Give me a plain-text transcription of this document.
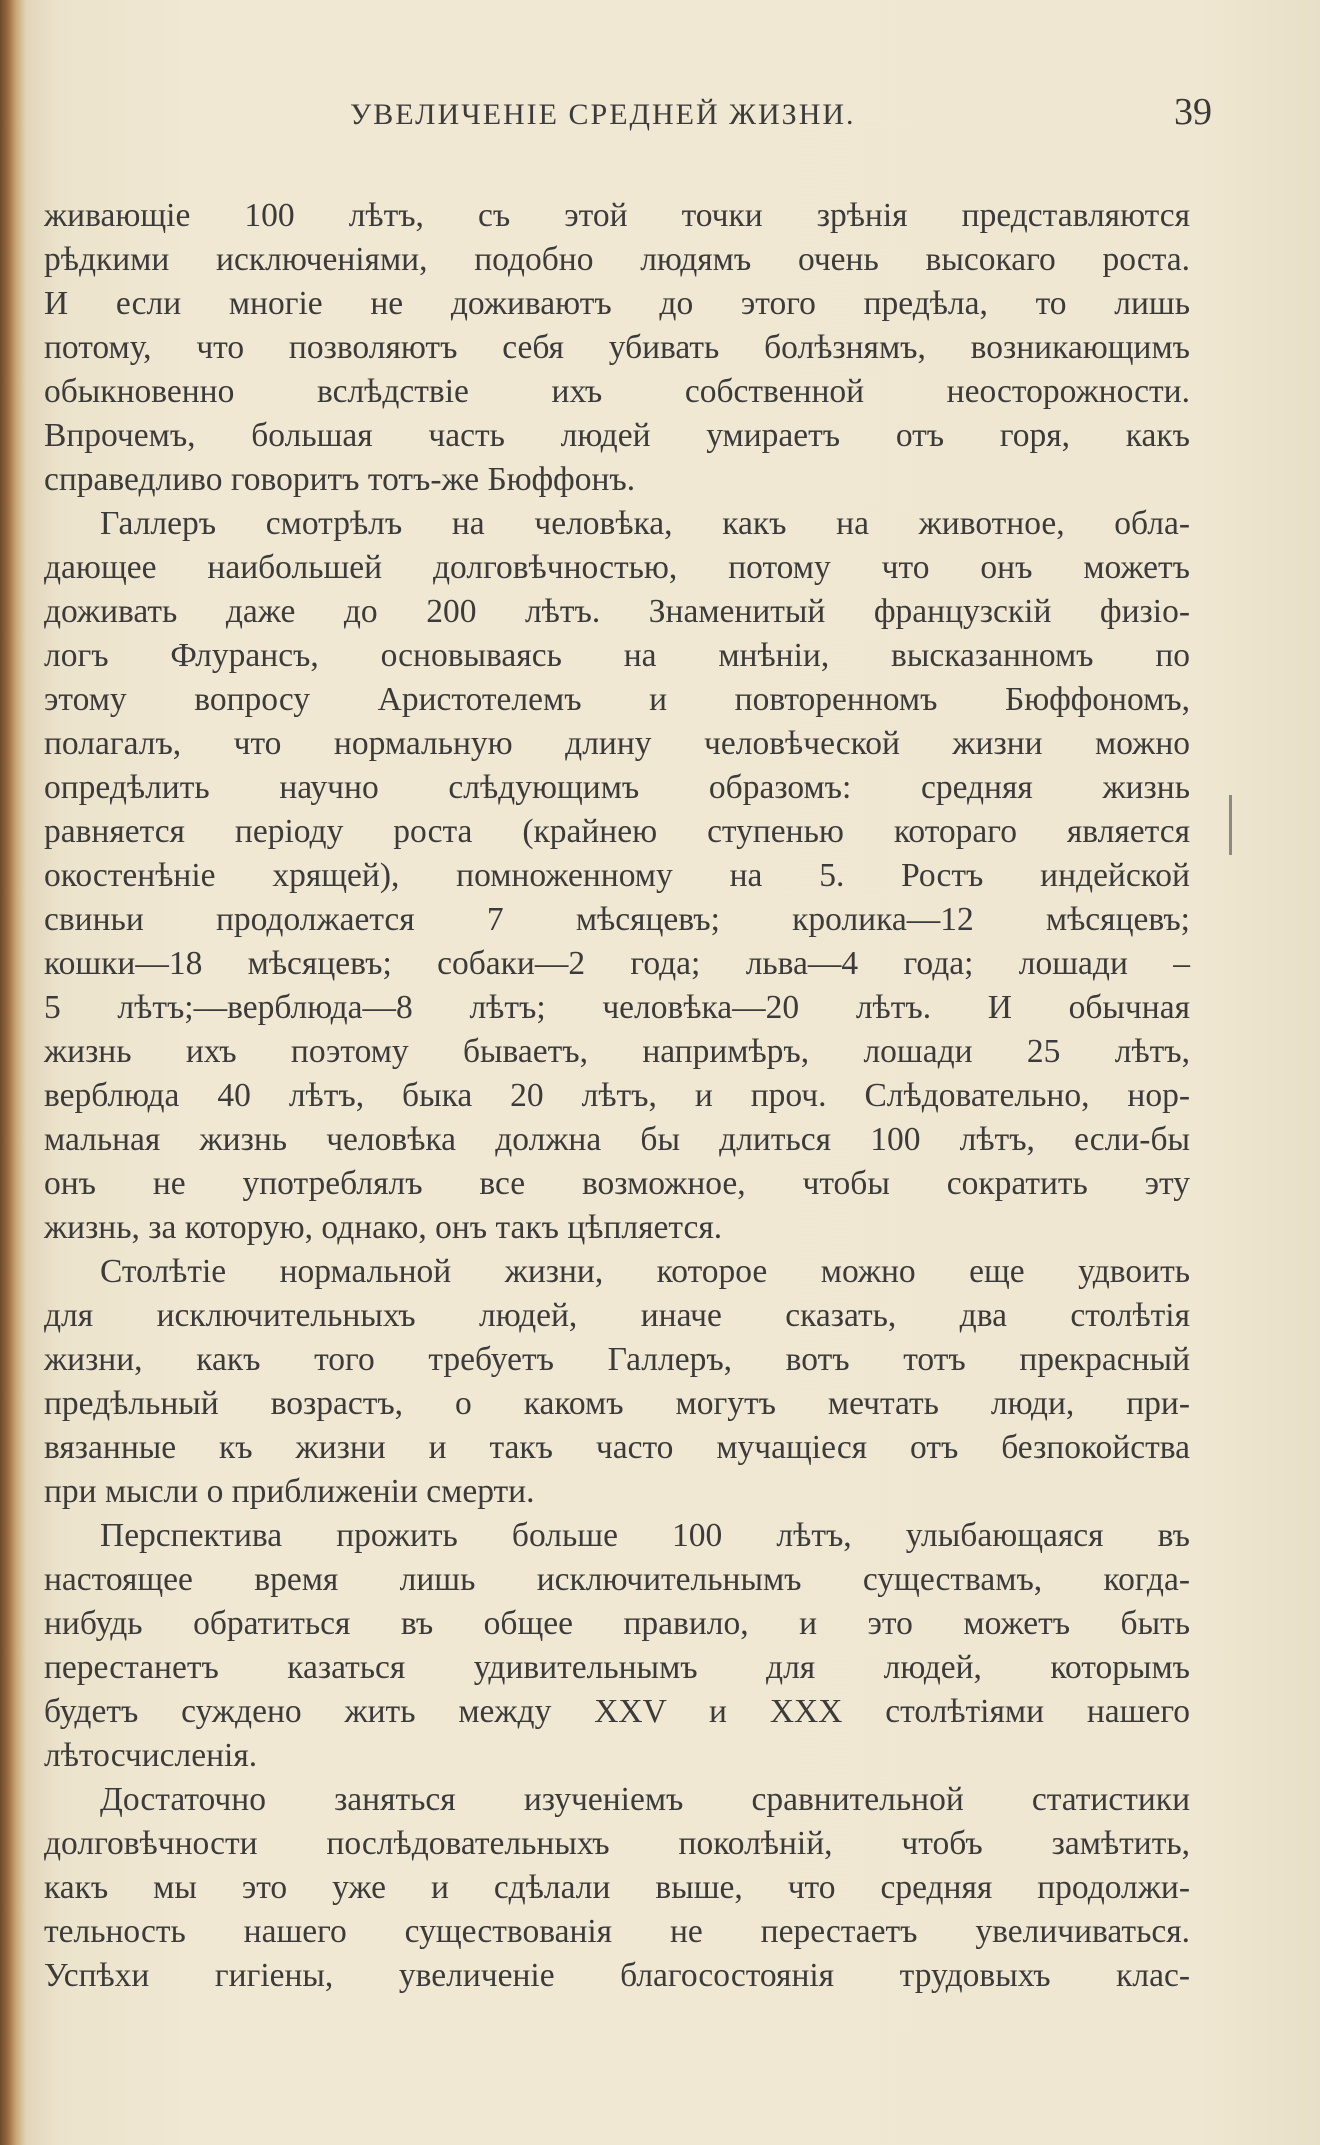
УВЕЛИЧЕНІЕ СРЕДНЕЙ ЖИЗНИ.	39
живающіе 100 лѣтъ, съ этой точки зрѣнія представляются
рѣдкими исключеніями, подобно людямъ очень высокаго роста.
И если многіе не доживаютъ до этого предѣла, то лишь
потому, что позволяютъ себя убивать болѣзнямъ, возникающимъ
обыкновенно вслѣдствіе ихъ собственной неосторожности.
Впрочемъ, большая часть людей умираетъ отъ горя, какъ
справедливо говоритъ тотъ-же Бюффонъ.
Галлеръ смотрѣлъ на человѣка, какъ на животное, обла-
дающее наибольшей долговѣчностью, потому что онъ можетъ
доживать даже до 200 лѣтъ. Знаменитый французскій физіо-
логъ Флурансъ, основываясь на мнѣніи, высказанномъ по
этому вопросу Аристотелемъ и повторенномъ Бюффономъ,
полагалъ, что нормальную длину человѣческой жизни можно
опредѣлить научно слѣдующимъ образомъ: средняя жизнь
равняется періоду роста (крайнею ступенью котораго является
окостенѣніе хрящей), помноженному на 5. Ростъ индейской
свиньи продолжается 7 мѣсяцевъ; кролика—12 мѣсяцевъ;
кошки—18 мѣсяцевъ; собаки—2 года; льва—4 года; лошади –
5 лѣтъ;—верблюда—8 лѣтъ; человѣка—20 лѣтъ. И обычная
жизнь ихъ поэтому бываетъ, напримѣръ, лошади 25 лѣтъ,
верблюда 40 лѣтъ, быка 20 лѣтъ, и проч. Слѣдовательно, нор-
мальная жизнь человѣка должна бы длиться 100 лѣтъ, если-бы
онъ не употреблялъ все возможное, чтобы сократить эту
жизнь, за которую, однако, онъ такъ цѣпляется.
Столѣтіе нормальной жизни, которое можно еще удвоить
для исключительныхъ людей, иначе сказать, два столѣтія
жизни, какъ того требуетъ Галлеръ, вотъ тотъ прекрасный
предѣльный возрастъ, о какомъ могутъ мечтать люди, при-
вязанные къ жизни и такъ часто мучащіеся отъ безпокойства
при мысли о приближеніи смерти.
Перспектива прожить больше 100 лѣтъ, улыбающаяся въ
настоящее время лишь исключительнымъ существамъ, когда-
нибудь обратиться въ общее правило, и это можетъ быть
перестанетъ казаться удивительнымъ для людей, которымъ
будетъ суждено жить между XXV и XXX столѣтіями нашего
лѣтосчисленія.
Достаточно заняться изученіемъ сравнительной статистики
долговѣчности послѣдовательныхъ поколѣній, чтобъ замѣтить,
какъ мы это уже и сдѣлали выше, что средняя продолжи-
тельность нашего существованія не перестаетъ увеличиваться.
Успѣхи гигіены, увеличеніе благосостоянія трудовыхъ клас-
